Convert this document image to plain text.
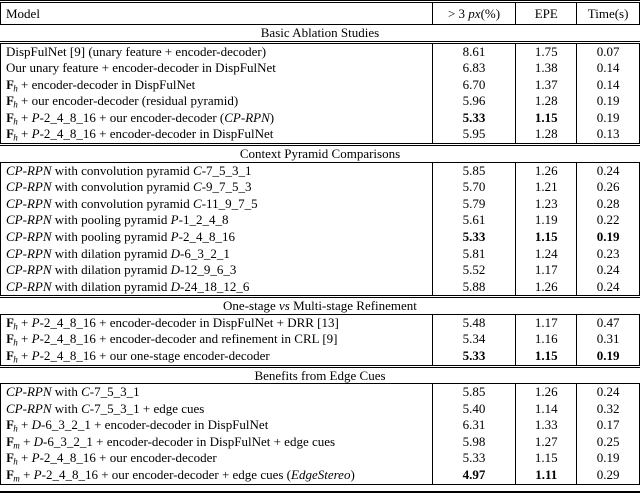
Model	> 3 px(%)	EPE	Time(s)
Basic Ablation Studies
DispFulNet [9] (unary feature + encoder-decoder)	8.61	1.75	0.07
Our unary feature + encoder-decoder in DispFulNet	6.83	1.38	0.14
$F_h$ + encoder-decoder in DispFulNet	6.70	1.37	0.14
$F_h$ + our encoder-decoder (residual pyramid)	5.96	1.28	0.19
$F_h$ + P-2_4_8_16 + our encoder-decoder (CP-RPN)	5.33	1.15	0.19
$F_h$ + P-2_4_8_16 + encoder-decoder in DispFulNet	5.95	1.28	0.13
Context Pyramid Comparisons
CP-RPN with convolution pyramid C-7_5_3_1	5.85	1.26	0.24
CP-RPN with convolution pyramid C-9_7_5_3	5.70	1.21	0.26
CP-RPN with convolution pyramid C-11_9_7_5	5.79	1.23	0.28
CP-RPN with pooling pyramid P-1_2_4_8	5.61	1.19	0.22
CP-RPN with pooling pyramid P-2_4_8_16	5.33	1.15	0.19
CP-RPN with dilation pyramid D-6_3_2_1	5.81	1.24	0.23
CP-RPN with dilation pyramid D-12_9_6_3	5.52	1.17	0.24
CP-RPN with dilation pyramid D-24_18_12_6	5.88	1.26	0.24
One-stage vs Multi-stage Refinement
$F_h$ + P-2_4_8_16 + encoder-decoder in DispFulNet + DRR [13]	5.48	1.17	0.47
$F_h$ + P-2_4_8_16 + encoder-decoder and refinement in CRL [9]	5.34	1.16	0.31
$F_h$ + P-2_4_8_16 + our one-stage encoder-decoder	5.33	1.15	0.19
Benefits from Edge Cues
CP-RPN with C-7_5_3_1	5.85	1.26	0.24
CP-RPN with C-7_5_3_1 + edge cues	5.40	1.14	0.32
$F_h$ + D-6_3_2_1 + encoder-decoder in DispFulNet	6.31	1.33	0.17
$F_m$ + D-6_3_2_1 + encoder-decoder in DispFulNet + edge cues	5.98	1.27	0.25
$F_h$ + P-2_4_8_16 + our encoder-decoder	5.33	1.15	0.19
$F_m$ + P-2_4_8_16 + our encoder-decoder + edge cues (EdgeStereo)	4.97	1.11	0.29
